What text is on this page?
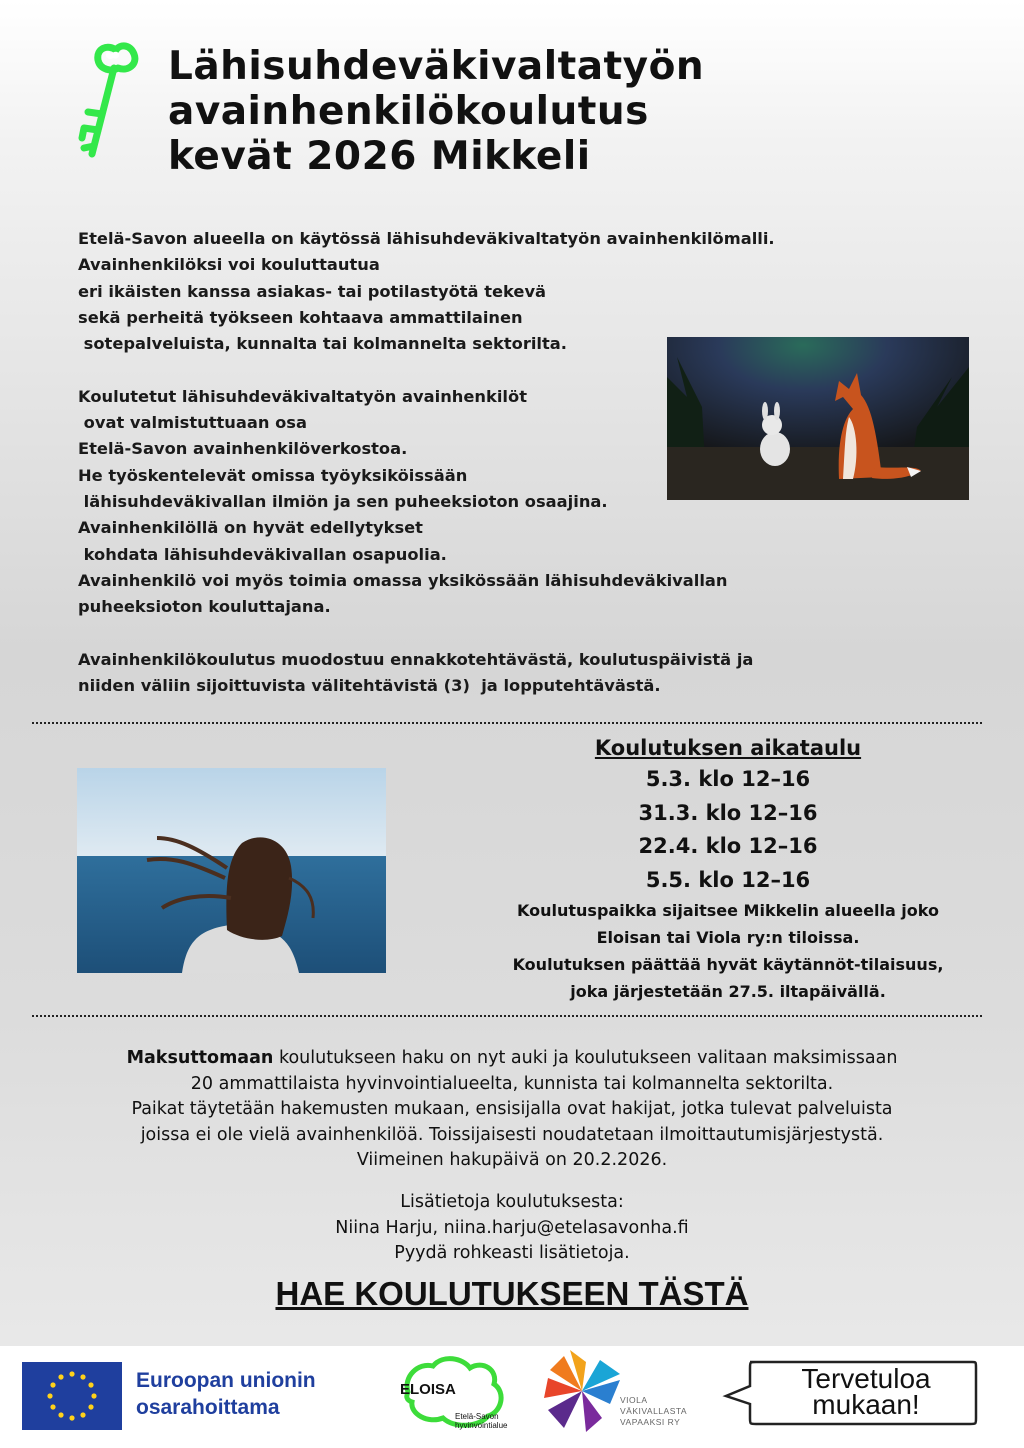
Lähisuhdeväkivaltatyön
avainhenkilökoulutus
kevät 2026 Mikkeli

Etelä-Savon alueella on käytössä lähisuhdeväkivaltatyön avainhenkilömalli.

Avainhenkilöksi voi kouluttautua

eri ikäisten kanssa asiakas- tai potilastyötä tekevä

sekä perheitä työkseen kohtaava ammattilainen

sotepalveluista, kunnalta tai kolmannelta sektorilta.

Koulutetut lähisuhdeväkivaltatyön avainhenkilöt

ovat valmistuttuaan osa

Etelä-Savon avainhenkilöverkostoa.

He työskentelevät omissa työyksiköissään

lähisuhdeväkivallan ilmiön ja sen puheeksioton osaajina.

Avainhenkilöllä on hyvät edellytykset

kohdata lähisuhdeväkivallan osapuolia.

Avainhenkilö voi myös toimia omassa yksikössään lähisuhdeväkivallan

puheeksioton kouluttajana.

Avainhenkilökoulutus muodostuu ennakkotehtävästä, koulutuspäivistä ja

niiden väliin sijoittuvista välitehtävistä (3)  ja lopputehtävästä.

Koulutuksen aikataulu
5.3. klo 12–16
31.3. klo 12–16
22.4. klo 12–16
5.5. klo 12–16
Koulutuspaikka sijaitsee Mikkelin alueella joko
Eloisan tai Viola ry:n tiloissa.
Koulutuksen päättää hyvät käytännöt-tilaisuus,
joka järjestetään 27.5. iltapäivällä.

Maksuttomaan koulutukseen haku on nyt auki ja koulutukseen valitaan maksimissaan

20 ammattilaista hyvinvointialueelta, kunnista tai kolmannelta sektorilta.

Paikat täytetään hakemusten mukaan, ensisijalla ovat hakijat, jotka tulevat palveluista

joissa ei ole vielä avainhenkilöä. Toissijaisesti noudatetaan ilmoittautumisjärjestystä.

Viimeinen hakupäivä on 20.2.2026.

Lisätietoja koulutuksesta:

Niina Harju, niina.harju@etelasavonha.fi

Pyydä rohkeasti lisätietoja.

HAE KOULUTUKSEEN TÄSTÄ
Euroopan unionin
osarahoittama
ELOISA
Etelä-Savon
hyvinvointialue
VIOLA
VÄKIVALLASTA
VAPAAKSI RY
Tervetuloa
mukaan!
